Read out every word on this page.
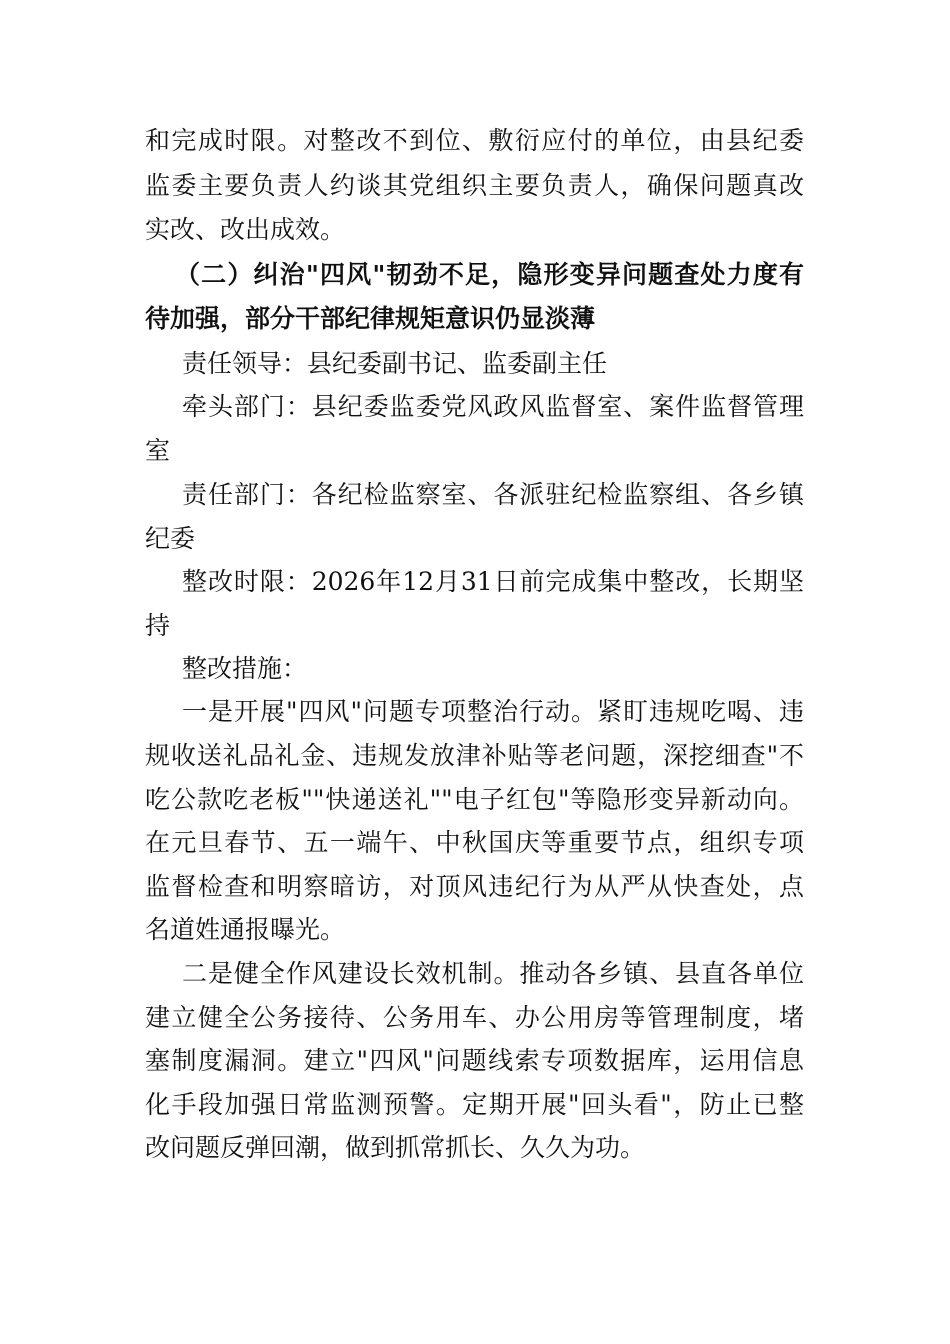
和完成时限。对整改不到位、敷衍应付的单位，由县纪委
监委主要负责人约谈其党组织主要负责人，确保问题真改
实改、改出成效。
（二）纠治"四风"韧劲不足，隐形变异问题查处力度有
待加强，部分干部纪律规矩意识仍显淡薄
责任领导：县纪委副书记、监委副主任
牵头部门：县纪委监委党风政风监督室、案件监督管理
室
责任部门：各纪检监察室、各派驻纪检监察组、各乡镇
纪委
整改时限：2026年12月31日前完成集中整改，长期坚
持
整改措施：
一是开展"四风"问题专项整治行动。紧盯违规吃喝、违
规收送礼品礼金、违规发放津补贴等老问题，深挖细查"不
吃公款吃老板""快递送礼""电子红包"等隐形变异新动向。
在元旦春节、五一端午、中秋国庆等重要节点，组织专项
监督检查和明察暗访，对顶风违纪行为从严从快查处，点
名道姓通报曝光。
二是健全作风建设长效机制。推动各乡镇、县直各单位
建立健全公务接待、公务用车、办公用房等管理制度，堵
塞制度漏洞。建立"四风"问题线索专项数据库，运用信息
化手段加强日常监测预警。定期开展"回头看"，防止已整
改问题反弹回潮，做到抓常抓长、久久为功。
